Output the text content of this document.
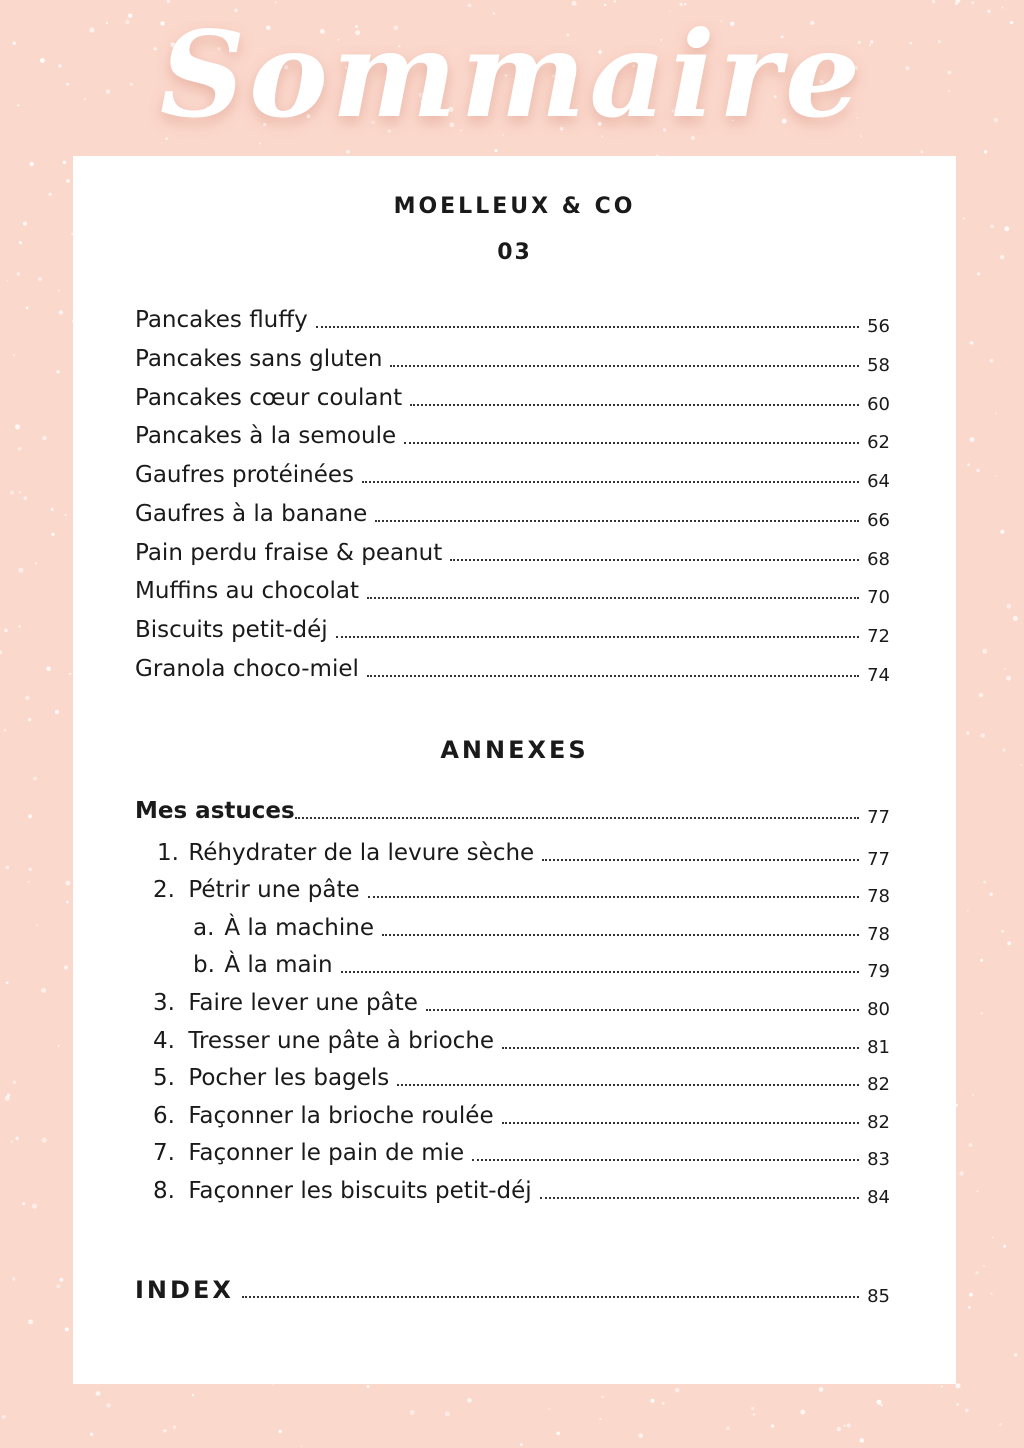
Sommaire
MOELLEUX & CO
03
Pancakes fluffy	56
Pancakes sans gluten	58
Pancakes cœur coulant	60
Pancakes à la semoule	62
Gaufres protéinées	64
Gaufres à la banane	66
Pain perdu fraise & peanut	68
Muffins au chocolat	70
Biscuits petit-déj	72
Granola choco-miel	74
ANNEXES
Mes astuces	77
1. Réhydrater de la levure sèche	77
2. Pétrir une pâte	78
a. À la machine	78
b. À la main	79
3. Faire lever une pâte	80
4. Tresser une pâte à brioche	81
5. Pocher les bagels	82
6. Façonner la brioche roulée	82
7. Façonner le pain de mie	83
8. Façonner les biscuits petit-déj	84
INDEX	85
